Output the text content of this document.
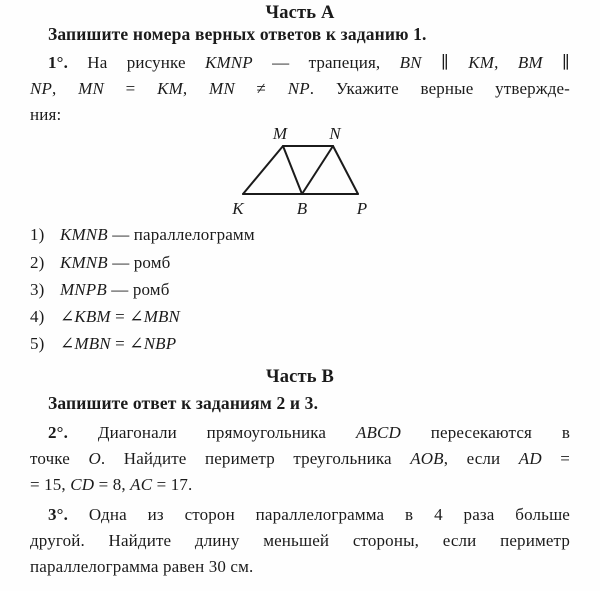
Часть А
Запишите номера верных ответов к заданию 1.
1°. На рисунке KMNP — трапеция, BN ∥ KM, BM ∥
NP, MN = KM, MN ≠ NP. Укажите верные утвержде-
ния:
M N
K	B	P
1) KMNB — параллелограмм
2) KMNB — ромб
3) MNPB — ромб
4) ∠KBM = ∠MBN
5) ∠MBN = ∠NBP
Часть В
Запишите ответ к заданиям 2 и 3.
2°. Диагонали прямоугольника ABCD пересекаются в
точке O. Найдите периметр треугольника AOB, если AD =
= 15, CD = 8, AC = 17.
3°. Одна из сторон параллелограмма в 4 раза больше
другой. Найдите длину меньшей стороны, если периметр
параллелограмма равен 30 см.
